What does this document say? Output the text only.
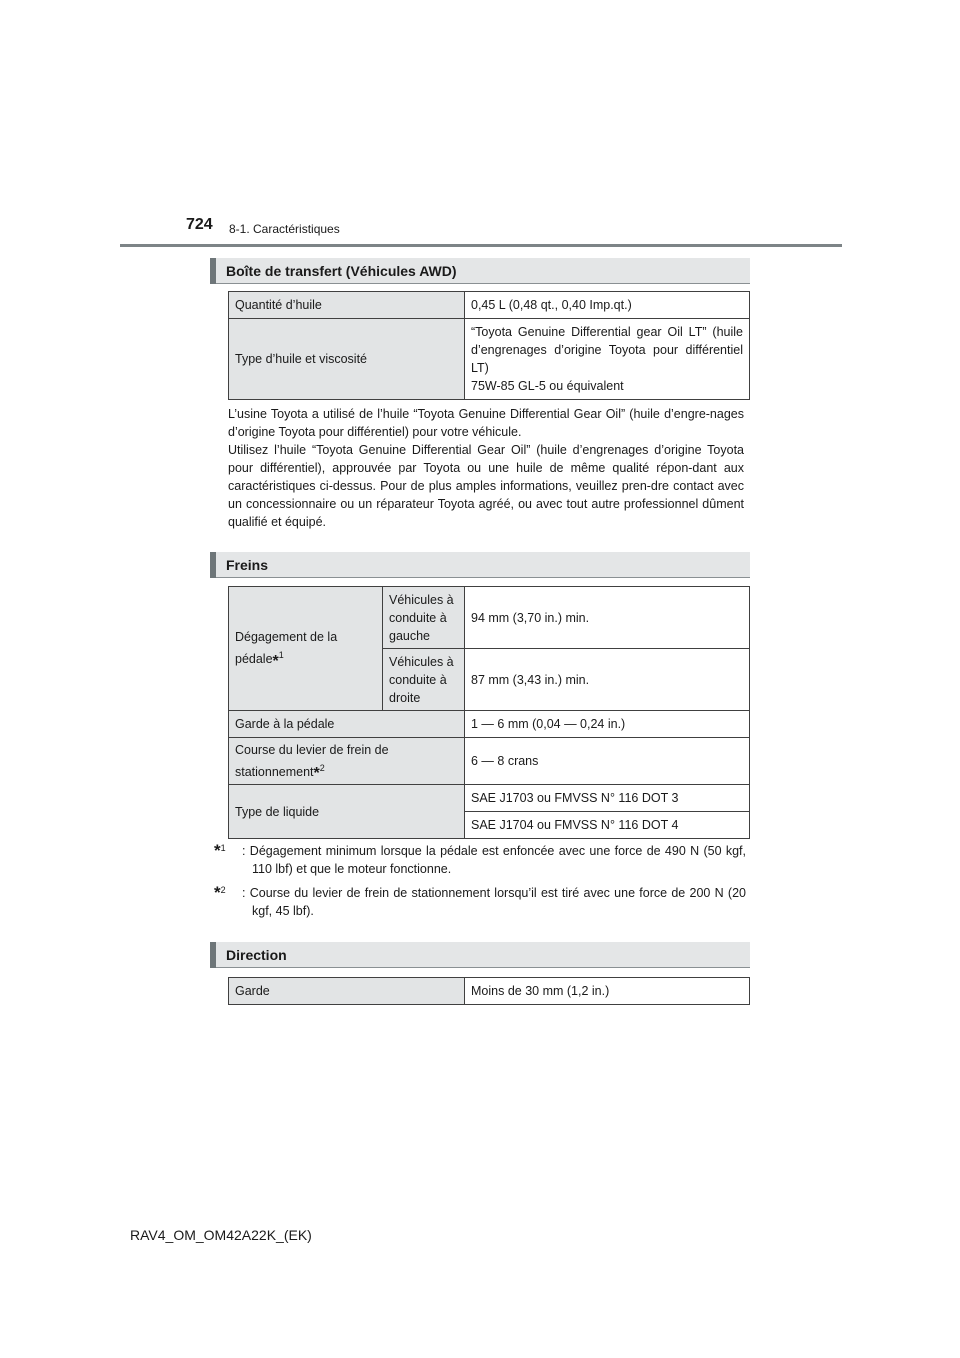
724 8-1. Caractéristiques
Boîte de transfert (Véhicules AWD)
Quantité d’huile	0,45 L (0,48 qt., 0,40 Imp.qt.)
Type d’huile et viscosité	“Toyota Genuine Differential gear Oil LT” (huile d’engrenages d’origine Toyota pour différentiel LT)
75W-85 GL-5 ou équivalent
L’usine Toyota a utilisé de l’huile “Toyota Genuine Differential Gear Oil” (huile d’engre-nages d’origine Toyota pour différentiel) pour votre véhicule.
Utilisez l’huile “Toyota Genuine Differential Gear Oil” (huile d’engrenages d’origine Toyota pour différentiel), approuvée par Toyota ou une huile de même qualité répon-dant aux caractéristiques ci-dessus. Pour de plus amples informations, veuillez pren-dre contact avec un concessionnaire ou un réparateur Toyota agréé, ou avec tout autre professionnel dûment qualifié et équipé.
Freins
Dégagement de la pédale*$^1$	Véhicules à conduite à gauche	94 mm (3,70 in.) min.
	Véhicules à conduite à droite	87 mm (3,43 in.) min.
Garde à la pédale		1 — 6 mm (0,04 — 0,24 in.)
Course du levier de frein de stationnement*$^2$		6 — 8 crans
Type de liquide		SAE J1703 ou FMVSS N° 116 DOT 3
		SAE J1704 ou FMVSS N° 116 DOT 4
*$^1$	: Dégagement minimum lorsque la pédale est enfoncée avec une force de 490 N (50 kgf, 110 lbf) et que le moteur fonctionne.
*$^2$	: Course du levier de frein de stationnement lorsqu’il est tiré avec une force de 200 N (20 kgf, 45 lbf).
Direction
Garde	Moins de 30 mm (1,2 in.)
RAV4_OM_OM42A22K_(EK)
